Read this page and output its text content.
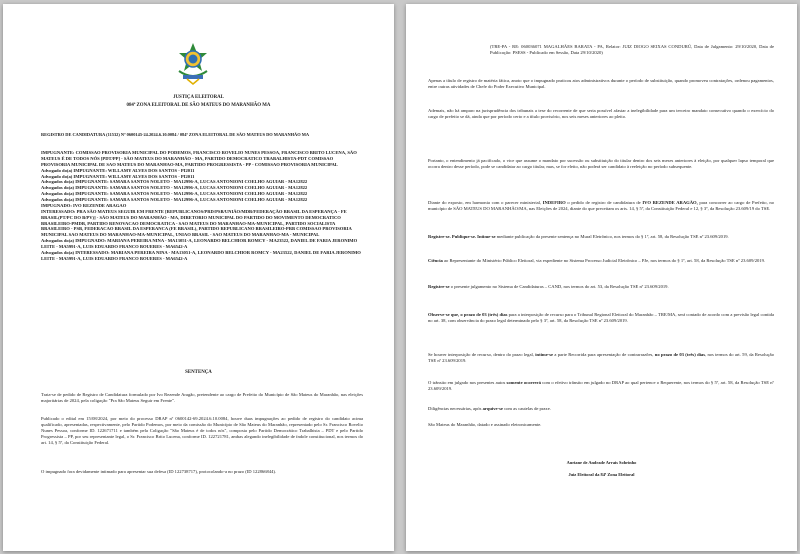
JUSTIÇA ELEITORAL

084ª ZONA ELEITORAL DE SÃO MATEUS DO MARANHÃO MA

REGISTRO DE CANDIDATURA (11532) Nº 0600145-24.2024.6.10.0084 / 084ª ZONA ELEITORAL DE SÃO MATEUS DO MARANHÃO MA

IMPUGNANTE: COMISSAO PROVISORIA MUNICIPAL DO PODEMOS, FRANCISCO ROVELIO NUNES PESSOA, FRANCISCO BRITO LUCENA, SÃO MATEUS É DE TODOS NÓS [PDT/PP] - SÃO MATEUS DO MARANHÃO - MA, PARTIDO DEMOCRATICO TRABALHISTA-PDT COMISSAO PROVISORIA MUNICIPAL DE SAO MATEUS DO MARANHAO-MA, PARTIDO PROGRESSISTA - PP - COMISSAO PROVISORIA MUNICIPAL
Advogado do(a) IMPUGNANTE: WILLAMY ALVES DOS SANTOS - PI2011
Advogado do(a) IMPUGNANTE: WILLAMY ALVES DOS SANTOS - PI2011
Advogados do(a) IMPUGNANTE: SAMARA SANTOS NOLETO - MA12996-A, LUCAS ANTONIONI COELHO AGUIAR - MA12822
Advogados do(a) IMPUGNANTE: SAMARA SANTOS NOLETO - MA12996-A, LUCAS ANTONIONI COELHO AGUIAR - MA12822
Advogados do(a) IMPUGNANTE: SAMARA SANTOS NOLETO - MA12996-A, LUCAS ANTONIONI COELHO AGUIAR - MA12822
Advogados do(a) IMPUGNANTE: SAMARA SANTOS NOLETO - MA12996-A, LUCAS ANTONIONI COELHO AGUIAR - MA12822
IMPUGNADO: IVO REZENDE ARAGAO
INTERESSADO: PRA SÃO MATEUS SEGUIR EM FRENTE [REPUBLICANOS/PRD/PSB/UNIÃO/MDB/FEDERAÇÃO BRASIL DA ESPERANÇA - FE BRASIL(PT/PC DO B/PV)] - SÃO MATEUS DO MARANHÃO - MA, DIRETORIO MUNICIPAL DO PARTIDO DO MOVIMENTO DEMOCRATICO BRASILEIRO-PMDB, PARTIDO RENOVACAO DEMOCRATICA - SAO MATEUS DO MARANHAO-MA-MUNICIPAL, PARTIDO SOCIALISTA BRASILEIRO - PSB, FEDERACAO BRASIL DA ESPERANCA (FE BRASIL), PARTIDO REPUBLICANO BRASILEIRO-PRB COMISSAO PROVISORIA MUNICIPAL SAO MATEUS DO MARANHAO-MA-MUNICIPAL, UNIAO BRASIL - SAO MATEUS DO MARANHAO-MA - MUNICIPAL
Advogados do(a) IMPUGNADO: MARIANA PEREIRA NINA - MA13051-A, LEONARDO BELCHIOR ROMCY - MA23522, DANIEL DE FARIA JERONIMO LEITE - MA5991-A, LUIS EDUARDO FRANCO BOUERES - MA6542-A
Advogados do(a) INTERESSADO: MARIANA PEREIRA NINA - MA13051-A, LEONARDO BELCHIOR ROMCY - MA23522, DANIEL DE FARIA JERONIMO LEITE - MA5991-A, LUIS EDUARDO FRANCO BOUERES - MA6542-A

SENTENÇA

Trata-se de pedido de Registro de Candidatura formulado por Ivo Rezende Aragão, pretendente ao cargo de Prefeito do Município de São Mateus do Maranhão, nas eleições majoritárias de 2024, pela coligação "Pra São Mateus Seguir em Frente".

Publicado o edital em 15/08/2024, por meio do processo DRAP nº 0600142-69.2024.6.10.0084, houve duas impugnações ao pedido de registro do candidato acima qualificado, apresentadas, respectivamente, pelo Partido Podemos, por meio da comissão do Município de São Mateus do Maranhão, representado pelo Sr. Francisco Rovelio Nunes Pessoa, conforme ID. 122671711 e também pela Coligação "São Mateus é de todos nós", composta pelo Partido Democrático Trabalhista – PDT e pelo Partido Progressista – PP, por seu representante legal, o Sr. Francisco Brito Lucena, conforme ID. 122721781, ambas alegando inelegibilidade de índole constitucional, nos termos do art. 14, § 5º, da Constituição Federal.

O impugnado fora devidamente intimado para apresentar sua defesa (ID 122738717), protocolando-a no prazo (ID 122866844).

(TRE-PA - RE: 060036071 MAGALHÃES BARATA - PA, Relator: JUIZ DIOGO SEIXAS CONDURÚ, Data de Julgamento: 29/10/2020, Data de Publicação: PSESS - Publicado em Sessão, Data 29/10/2020)

Apenas a título de registro de matéria fática, anoto que o impugnado praticou atos administrativos durante o período de substituição, quando promoveu contratações, ordenou pagamentos, entre outras atividades de Chefe do Poder Executivo Municipal.

Ademais, não há amparo na jurisprudência dos tribunais a tese do recorrente de que seria possível afastar a inelegibilidade para um terceiro mandato consecutivo quando o exercício do cargo de prefeito se dá, ainda que por período certo e a título provisório, nos seis meses anteriores ao pleito.

Portanto, o entendimento já pacificado, o vice que assume o mandato por sucessão ou substituição do titular dentro dos seis meses anteriores à eleição, por qualquer lapso temporal que ocorra dentro desse período, pode se candidatar ao cargo titular, mas, se for eleito, não poderá ser candidato à reeleição no período subsequente.

Diante do exposto, em harmonia com o parecer ministerial, INDEFIRO o pedido de registro de candidatura de IVO REZENDE ARAGÃO, para concorrer ao cargo de Prefeito, no município de SÃO MATEUS DO MARANHÃO/MA, nas Eleições de 2024, diante do que preceitam os arts. 14, § 5º, da Constituição Federal e 12, § 3º, da Resolução 23.609/19 do TSE.

Registre-se. Publique-se. Intime-se mediante publicação da presente sentença no Mural Eletrônico, nos termos do § 1º, art. 58, da Resolução TSE nº 23.609/2019.

Ciência ao Representante do Ministério Público Eleitoral, via expediente no Sistema Processo Judicial Eletrônico – PJe, nos termos do § 1º, art. 58, da Resolução TSE nº 23.609/2019.

Registre-se o presente julgamento no Sistema de Candidaturas – CAND, nos termos do art. 53, da Resolução TSE nº 23.609/2019.

Observe-se que, o prazo de 03 (três) dias para a interposição de recurso para o Tribunal Regional Eleitoral do Maranhão – TRE/MA, será contado de acordo com a previsão legal contida no art. 38, com observância do prazo legal determinado pelo § 3º, art. 58, da Resolução TSE nº 23.609/2019.

Se houver interposição de recurso, dentro do prazo legal, intime-se a parte Recorrida para apresentação de contrarrazões, no prazo de 03 (três) dias, nos termos do art. 59, da Resolução TSE nº 23.609/2019.

O trânsito em julgado nos presentes autos somente ocorrerá com o efetivo trânsito em julgado no DRAP ao qual pertence o Requerente, nos termos do § 5º, art. 58, da Resolução TSE nº 23.609/2019.

Diligências necessárias, após arquive-se com as cautelas de praxe.

São Mateus do Maranhão, datado e assinado eletronicamente.

Auriane de Andrade Arrais Sobrinho

Juiz Eleitoral da 84ª Zona Eleitoral
